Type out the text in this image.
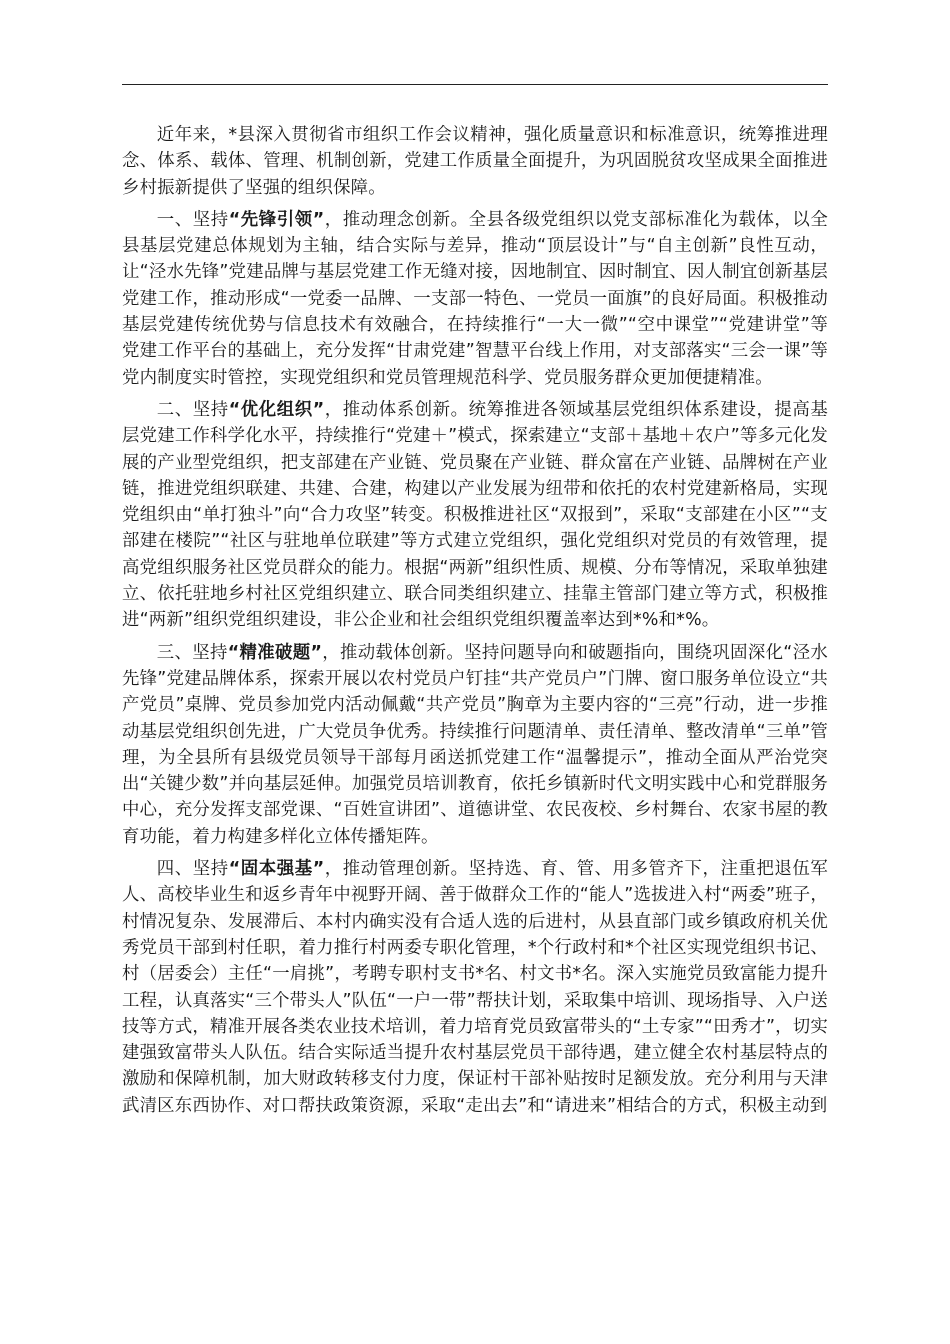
近年来，*县深入贯彻省市组织工作会议精神，强化质量意识和标准意识，统筹推进理念、体系、载体、管理、机制创新，党建工作质量全面提升，为巩固脱贫攻坚成果全面推进乡村振新提供了坚强的组织保障。

一、坚持“先锋引领”，推动理念创新。全县各级党组织以党支部标准化为载体，以全县基层党建总体规划为主轴，结合实际与差异，推动“顶层设计”与“自主创新”良性互动，让“泾水先锋”党建品牌与基层党建工作无缝对接，因地制宜、因时制宜、因人制宜创新基层党建工作，推动形成“一党委一品牌、一支部一特色、一党员一面旗”的良好局面。积极推动基层党建传统优势与信息技术有效融合，在持续推行“一大一微”“空中课堂”“党建讲堂”等党建工作平台的基础上，充分发挥“甘肃党建”智慧平台线上作用，对支部落实“三会一课”等党内制度实时管控，实现党组织和党员管理规范科学、党员服务群众更加便捷精准。

二、坚持“优化组织”，推动体系创新。统筹推进各领域基层党组织体系建设，提高基层党建工作科学化水平，持续推行“党建＋”模式，探索建立“支部＋基地＋农户”等多元化发展的产业型党组织，把支部建在产业链、党员聚在产业链、群众富在产业链、品牌树在产业链，推进党组织联建、共建、合建，构建以产业发展为纽带和依托的农村党建新格局，实现党组织由“单打独斗”向“合力攻坚”转变。积极推进社区“双报到”，采取“支部建在小区”“支部建在楼院”“社区与驻地单位联建”等方式建立党组织，强化党组织对党员的有效管理，提高党组织服务社区党员群众的能力。根据“两新”组织性质、规模、分布等情况，采取单独建立、依托驻地乡村社区党组织建立、联合同类组织建立、挂靠主管部门建立等方式，积极推进“两新”组织党组织建设，非公企业和社会组织党组织覆盖率达到*%和*%。

三、坚持“精准破题”，推动载体创新。坚持问题导向和破题指向，围绕巩固深化“泾水先锋”党建品牌体系，探索开展以农村党员户钉挂“共产党员户”门牌、窗口服务单位设立“共产党员”桌牌、党员参加党内活动佩戴“共产党员”胸章为主要内容的“三亮”行动，进一步推动基层党组织创先进，广大党员争优秀。持续推行问题清单、责任清单、整改清单“三单”管理，为全县所有县级党员领导干部每月函送抓党建工作“温馨提示”，推动全面从严治党突出“关键少数”并向基层延伸。加强党员培训教育，依托乡镇新时代文明实践中心和党群服务中心，充分发挥支部党课、“百姓宣讲团”、道德讲堂、农民夜校、乡村舞台、农家书屋的教育功能，着力构建多样化立体传播矩阵。

四、坚持“固本强基”，推动管理创新。坚持选、育、管、用多管齐下，注重把退伍军人、高校毕业生和返乡青年中视野开阔、善于做群众工作的“能人”选拔进入村“两委”班子，村情况复杂、发展滞后、本村内确实没有合适人选的后进村，从县直部门或乡镇政府机关优秀党员干部到村任职，着力推行村两委专职化管理，*个行政村和*个社区实现党组织书记、村（居委会）主任“一肩挑”，考聘专职村支书*名、村文书*名。深入实施党员致富能力提升工程，认真落实“三个带头人”队伍“一户一带”帮扶计划，采取集中培训、现场指导、入户送技等方式，精准开展各类农业技术培训，着力培育党员致富带头的“土专家”“田秀才”，切实建强致富带头人队伍。结合实际适当提升农村基层党员干部待遇，建立健全农村基层特点的激励和保障机制，加大财政转移支付力度，保证村干部补贴按时足额发放。充分利用与天津武清区东西协作、对口帮扶政策资源，采取“走出去”和“请进来”相结合的方式，积极主动到
